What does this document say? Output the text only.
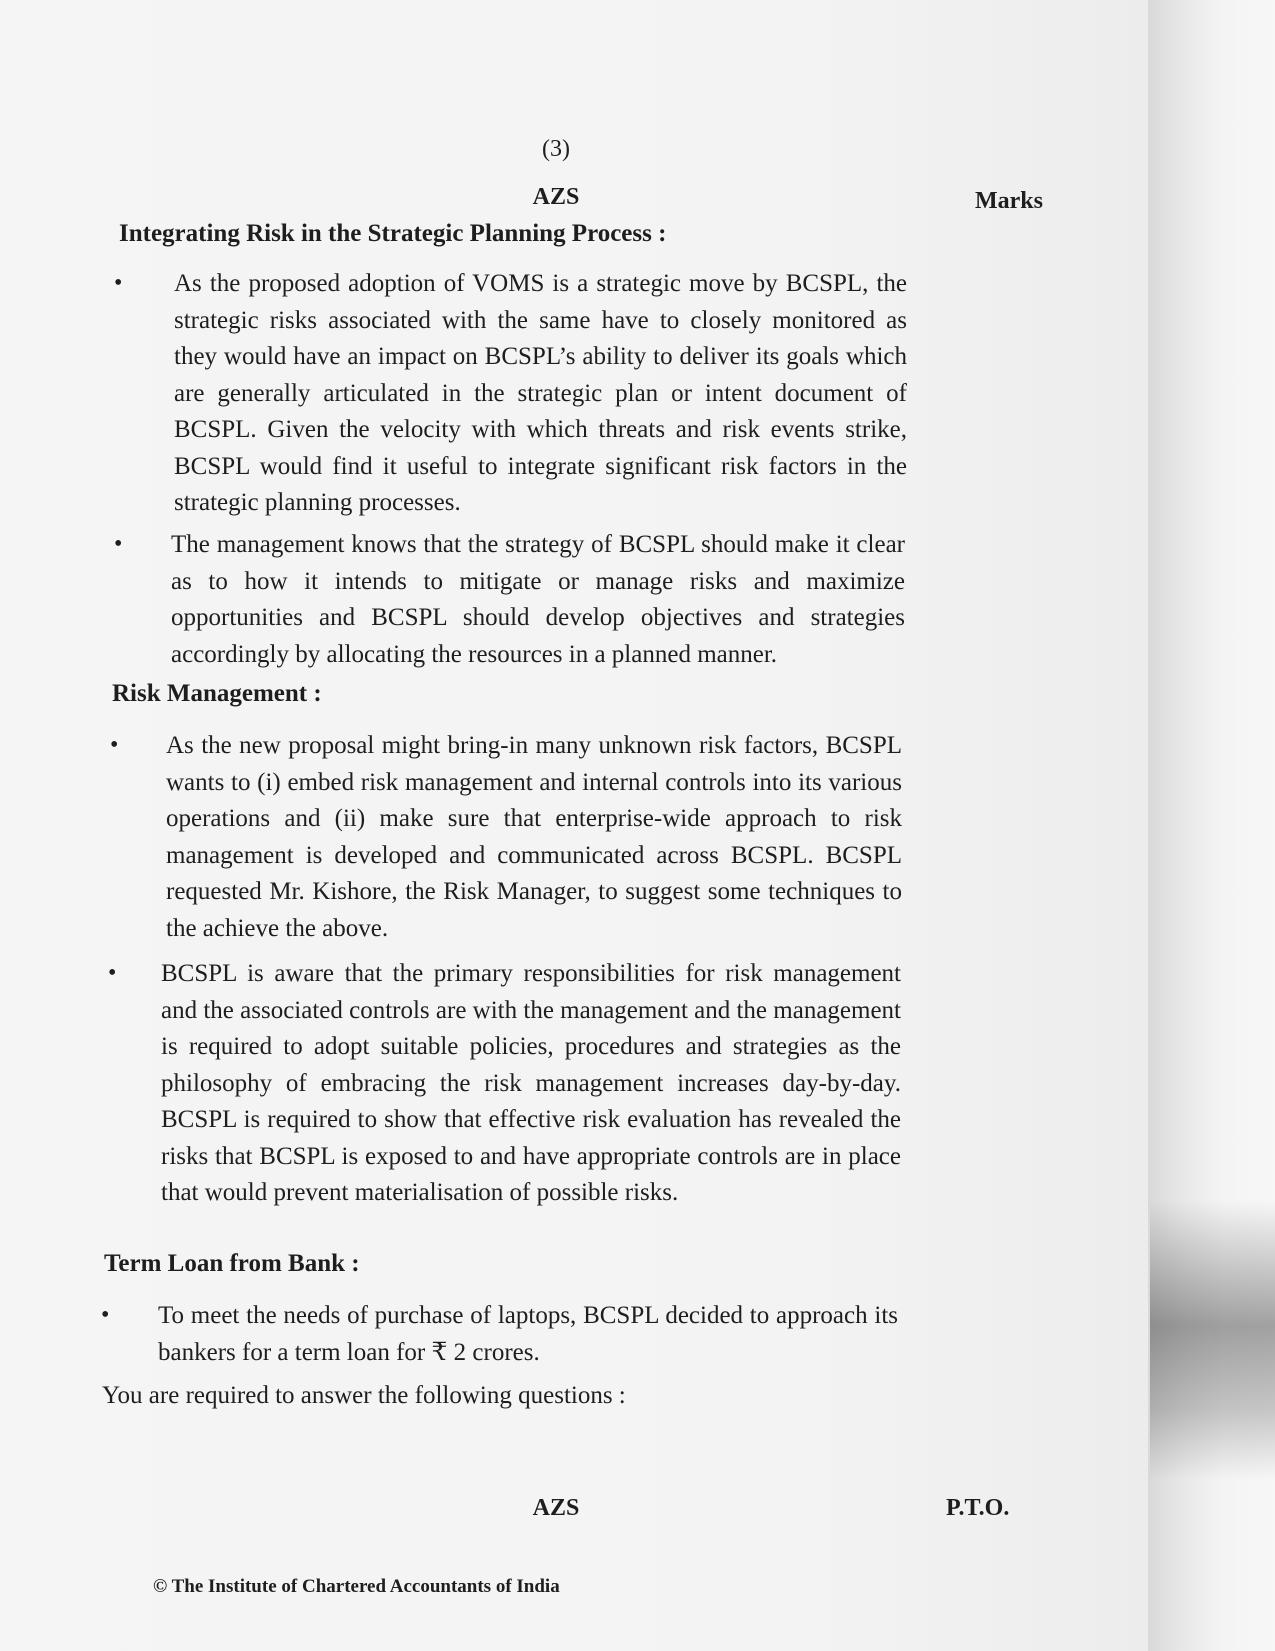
(3)
AZS	Marks
Integrating Risk in the Strategic Planning Process :
• As the proposed adoption of VOMS is a strategic move by BCSPL, the strategic risks associated with the same have to closely monitored as they would have an impact on BCSPL’s ability to deliver its goals which are generally articulated in the strategic plan or intent document of BCSPL. Given the velocity with which threats and risk events strike, BCSPL would find it useful to integrate significant risk factors in the strategic planning processes.
• The management knows that the strategy of BCSPL should make it clear as to how it intends to mitigate or manage risks and maximize opportunities and BCSPL should develop objectives and strategies accordingly by allocating the resources in a planned manner.
Risk Management :
• As the new proposal might bring-in many unknown risk factors, BCSPL wants to (i) embed risk management and internal controls into its various operations and (ii) make sure that enterprise-wide approach to risk management is developed and communicated across BCSPL. BCSPL requested Mr. Kishore, the Risk Manager, to suggest some techniques to the achieve the above.
• BCSPL is aware that the primary responsibilities for risk management and the associated controls are with the management and the management is required to adopt suitable policies, procedures and strategies as the philosophy of embracing the risk management increases day-by-day. BCSPL is required to show that effective risk evaluation has revealed the risks that BCSPL is exposed to and have appropriate controls are in place that would prevent materialisation of possible risks.
Term Loan from Bank :
• To meet the needs of purchase of laptops, BCSPL decided to approach its bankers for a term loan for ₹ 2 crores.
You are required to answer the following questions :
AZS	P.T.O.
© The Institute of Chartered Accountants of India
